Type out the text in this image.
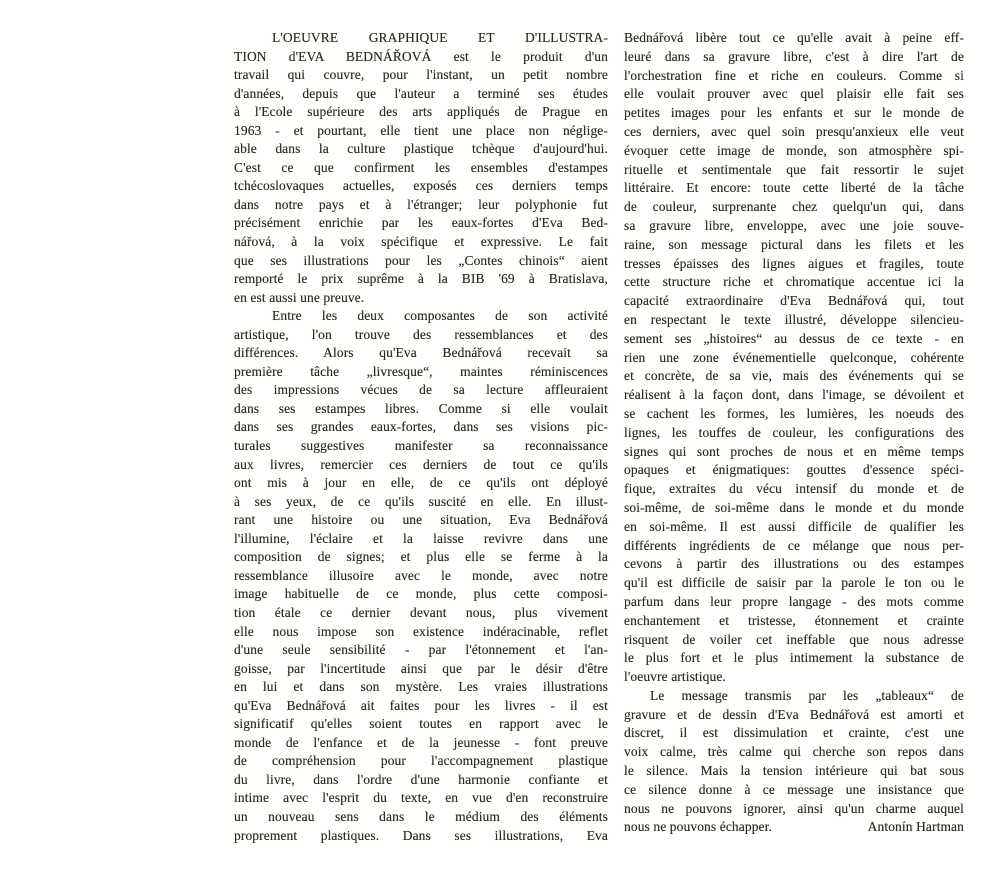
L'OEUVRE GRAPHIQUE ET D'ILLUSTRA-
TION d'EVA BEDNÁŘOVÁ est le produit d'un
travail qui couvre, pour l'instant, un petit nombre
d'années, depuis que l'auteur a terminé ses études
à l'Ecole supérieure des arts appliqués de Prague en
1963 - et pourtant, elle tient une place non néglige-
able dans la culture plastique tchèque d'aujourd'hui.
C'est ce que confirment les ensembles d'estampes
tchécoslovaques actuelles, exposés ces derniers temps
dans notre pays et à l'étranger; leur polyphonie fut
précisément enrichie par les eaux-fortes d'Eva Bed-
nářová, à la voix spécifique et expressive. Le fait
que ses illustrations pour les „Contes chinois“ aient
remporté le prix suprême à la BIB '69 à Bratislava,
en est aussi une preuve.

Entre les deux composantes de son activité
artistique, l'on trouve des ressemblances et des
différences. Alors qu'Eva Bednářová recevait sa
première tâche „livresque“, maintes réminiscences
des impressions vécues de sa lecture affleuraient
dans ses estampes libres. Comme si elle voulait
dans ses grandes eaux-fortes, dans ses visions pic-
turales suggestives manifester sa reconnaissance
aux livres, remercier ces derniers de tout ce qu'ils
ont mis à jour en elle, de ce qu'ils ont déployé
à ses yeux, de ce qu'ils suscité en elle. En illust-
rant une histoire ou une situation, Eva Bednářová
l'illumine, l'éclaire et la laisse revivre dans une
composition de signes; et plus elle se ferme à la
ressemblance illusoire avec le monde, avec notre
image habituelle de ce monde, plus cette composi-
tion étale ce dernier devant nous, plus vivement
elle nous impose son existence indéracinable, reflet
d'une seule sensibilité - par l'étonnement et l'an-
goisse, par l'incertitude ainsi que par le désir d'être
en lui et dans son mystère. Les vraies illustrations
qu'Eva Bednářová ait faites pour les livres - il est
significatif qu'elles soient toutes en rapport avec le
monde de l'enfance et de la jeunesse - font preuve
de compréhension pour l'accompagnement plastique
du livre, dans l'ordre d'une harmonie confiante et
intime avec l'esprit du texte, en vue d'en reconstruire
un nouveau sens dans le médium des éléments
proprement plastiques. Dans ses illustrations, Eva

Bednářová libère tout ce qu'elle avait à peine eff-
leuré dans sa gravure libre, c'est à dire l'art de
l'orchestration fine et riche en couleurs. Comme si
elle voulait prouver avec quel plaisir elle fait ses
petites images pour les enfants et sur le monde de
ces derniers, avec quel soin presqu'anxieux elle veut
évoquer cette image de monde, son atmosphère spi-
rituelle et sentimentale que fait ressortir le sujet
littéraire. Et encore: toute cette liberté de la tâche
de couleur, surprenante chez quelqu'un qui, dans
sa gravure libre, enveloppe, avec une joie souve-
raine, son message pictural dans les filets et les
tresses épaisses des lignes aigues et fragiles, toute
cette structure riche et chromatique accentue ici la
capacité extraordinaire d'Eva Bednářová qui, tout
en respectant le texte illustré, développe silencieu-
sement ses „histoires“ au dessus de ce texte - en
rien une zone événementielle quelconque, cohérente
et concrète, de sa vie, mais des événements qui se
réalisent à la façon dont, dans l'image, se dévoilent et
se cachent les formes, les lumières, les noeuds des
lignes, les touffes de couleur, les configurations des
signes qui sont proches de nous et en même temps
opaques et énigmatiques: gouttes d'essence spéci-
fique, extraites du vécu intensif du monde et de
soi-même, de soi-même dans le monde et du monde
en soi-même. Il est aussi difficile de qualifier les
différents ingrédients de ce mélange que nous per-
cevons à partir des illustrations ou des estampes
qu'il est difficile de saisir par la parole le ton ou le
parfum dans leur propre langage - des mots comme
enchantement et tristesse, étonnement et crainte
risquent de voiler cet ineffable que nous adresse
le plus fort et le plus intimement la substance de
l'oeuvre artistique.

Le message transmis par les „tableaux“ de
gravure et de dessin d'Eva Bednářová est amorti et
discret, il est dissimulation et crainte, c'est une
voix calme, très calme qui cherche son repos dans
le silence. Mais la tension intérieure qui bat sous
ce silence donne à ce message une insistance que
nous ne pouvons ignorer, ainsi qu'un charme auquel
nous ne pouvons échapper.	Antonín Hartman
